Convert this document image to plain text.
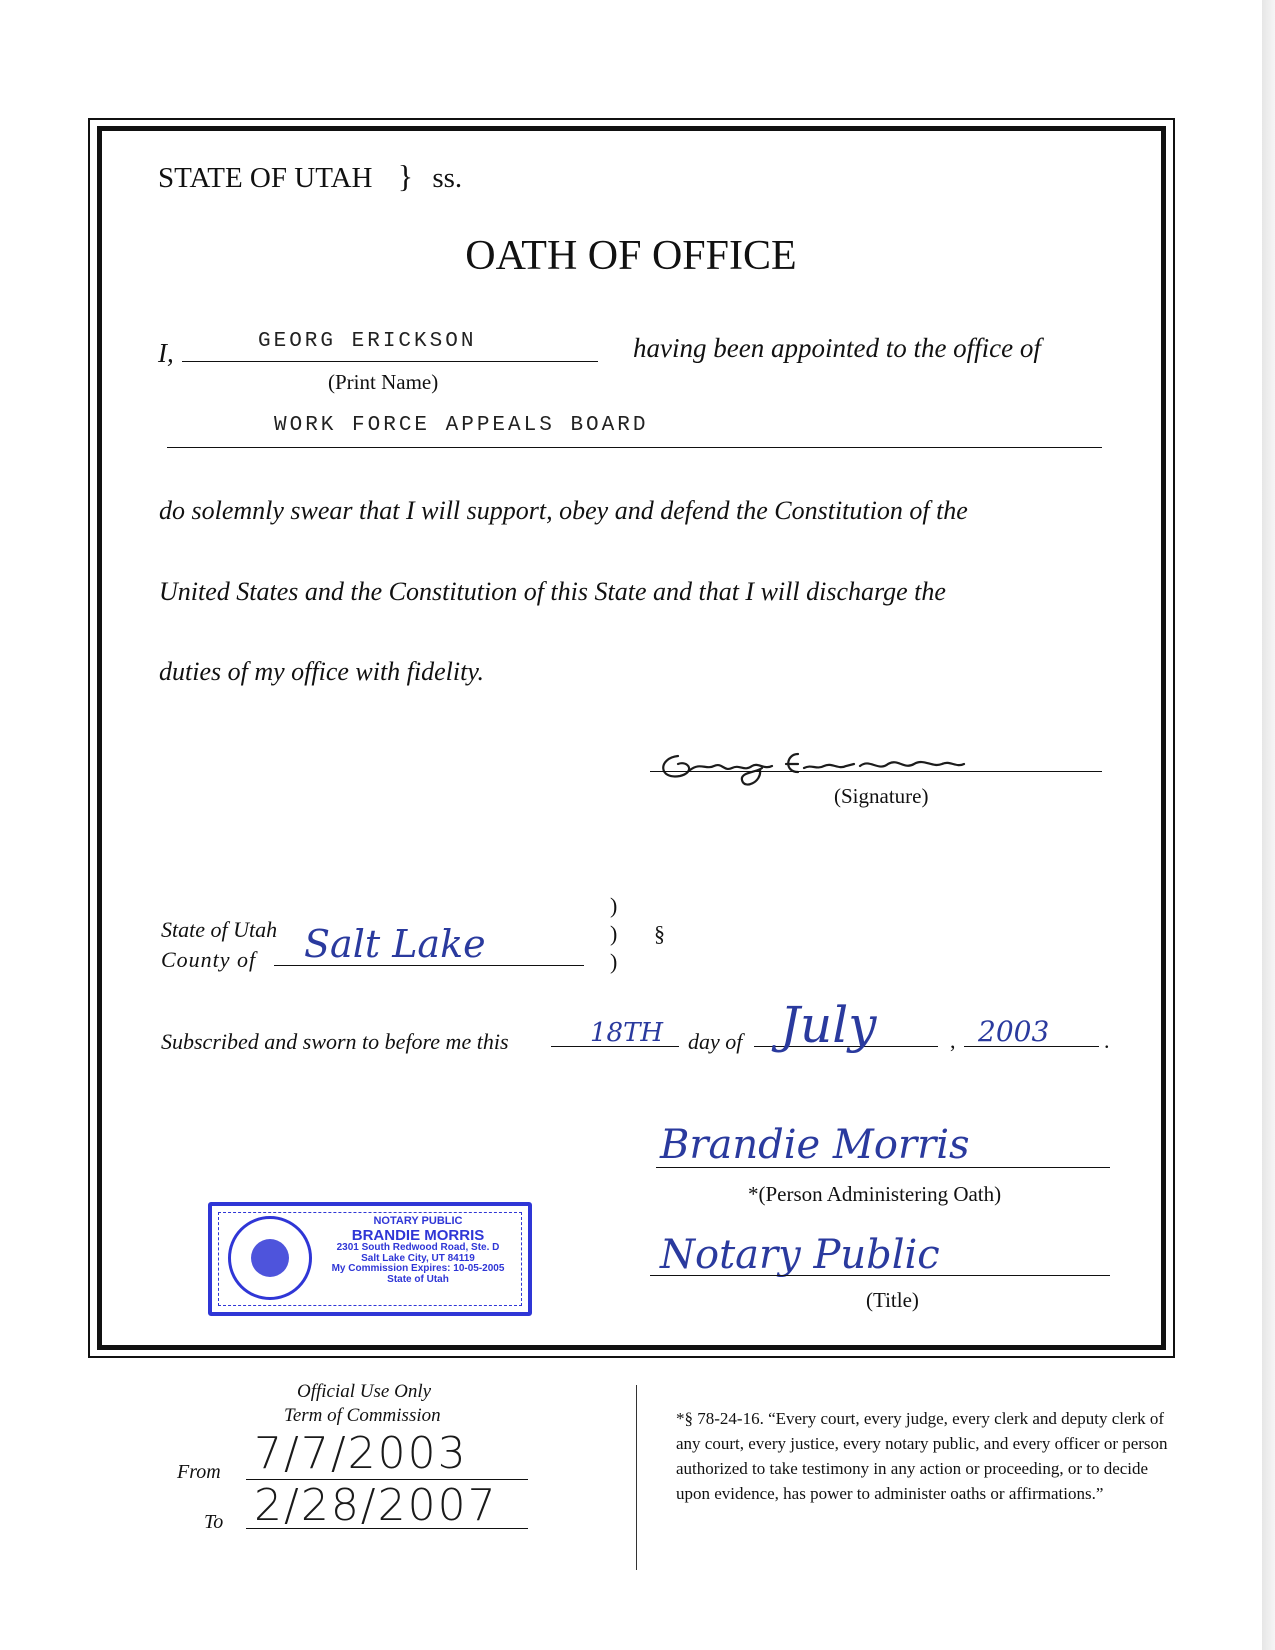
STATE OF UTAH } ss.
OATH OF OFFICE
I,	GEORG ERICKSON	having been appointed to the office of
(Print Name)
WORK FORCE APPEALS BOARD
do solemnly swear that I will support, obey and defend the Constitution of the
United States and the Constitution of this State and that I will discharge the
duties of my office with fidelity.
(Signature)
State of Utah
County of Salt Lake
)
)
)
§
Subscribed and sworn to before me this	18TH day of July	, 2003 .
Brandie Morris
*(Person Administering Oath)
Notary Public
(Title)
NOTARY PUBLIC
BRANDIE MORRIS
2301 South Redwood Road, Ste. D
Salt Lake City, UT 84119
My Commission Expires: 10-05-2005
State of Utah
Official Use Only
Term of Commission
From 7/7/2003
To 2/28/2007
*§ 78-24-16. “Every court, every judge, every clerk and deputy clerk of any court, every justice, every notary public, and every officer or person authorized to take testimony in any action or proceeding, or to decide upon evidence, has power to administer oaths or affirmations.”
